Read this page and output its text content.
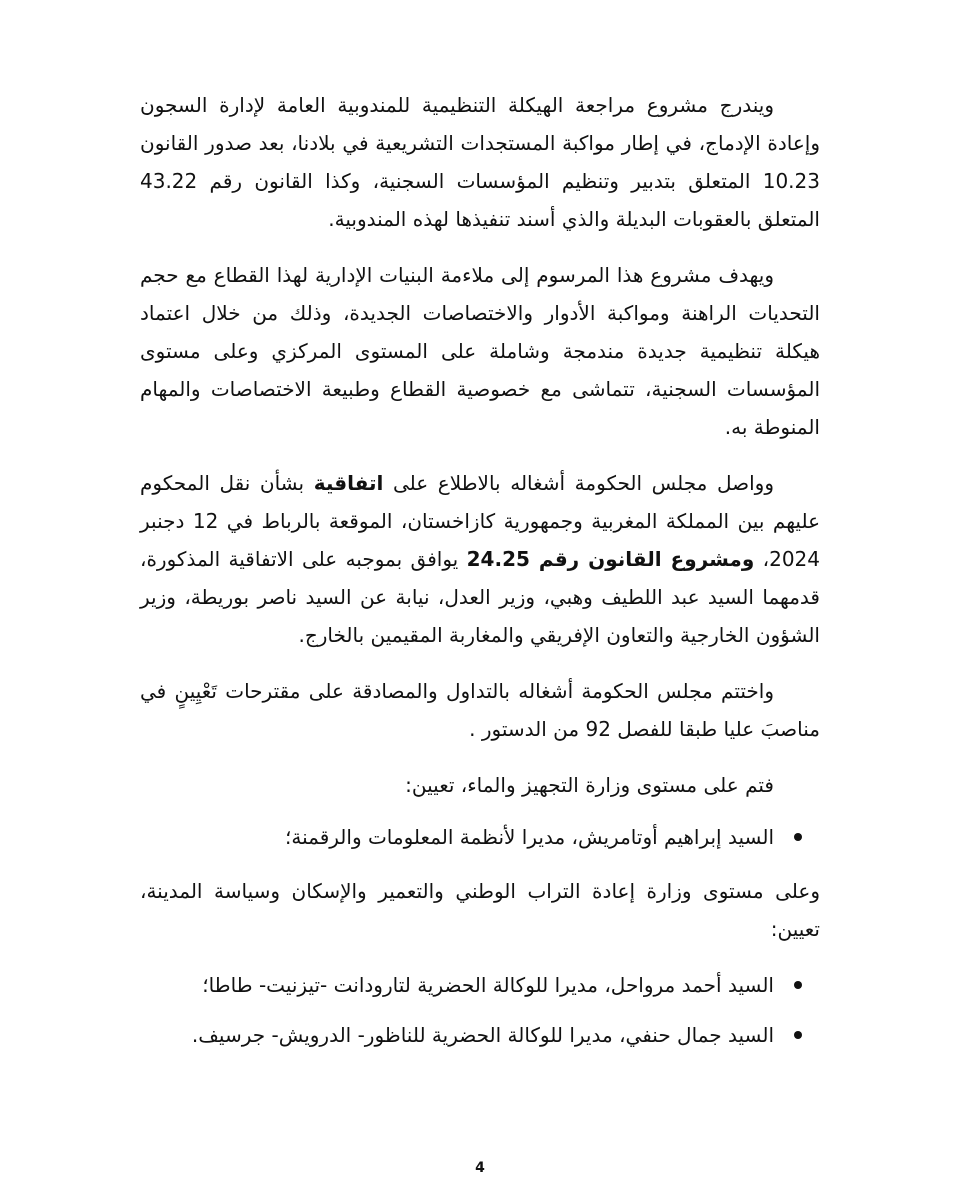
ويندرج مشروع مراجعة الهيكلة التنظيمية للمندوبية العامة لإدارة السجون وإعادة الإدماج، في إطار مواكبة المستجدات التشريعية في بلادنا، بعد صدور القانون 10.23 المتعلق بتدبير وتنظيم المؤسسات السجنية، وكذا القانون رقم 43.22 المتعلق بالعقوبات البديلة والذي أسند تنفيذها لهذه المندوبية.

ويهدف مشروع هذا المرسوم إلى ملاءمة البنيات الإدارية لهذا القطاع مع حجم التحديات الراهنة ومواكبة الأدوار والاختصاصات الجديدة، وذلك من خلال اعتماد هيكلة تنظيمية جديدة مندمجة وشاملة على المستوى المركزي وعلى مستوى المؤسسات السجنية، تتماشى مع خصوصية القطاع وطبيعة الاختصاصات والمهام المنوطة به.

وواصل مجلس الحكومة أشغاله بالاطلاع على اتفاقية بشأن نقل المحكوم عليهم بين المملكة المغربية وجمهورية كازاخستان، الموقعة بالرباط في 12 دجنبر 2024، ومشروع القانون رقم 24.25 يوافق بموجبه على الاتفاقية المذكورة، قدمهما السيد عبد اللطيف وهبي، وزير العدل، نيابة عن السيد ناصر بوريطة، وزير الشؤون الخارجية والتعاون الإفريقي والمغاربة المقيمين بالخارج.

واختتم مجلس الحكومة أشغاله بالتداول والمصادقة على مقترحات تَعْيِينٍ في مناصبَ عليا طبقا للفصل 92 من الدستور .

فتم على مستوى وزارة التجهيز والماء، تعيين:

السيد إبراهيم أوتامريش، مديرا لأنظمة المعلومات والرقمنة؛

وعلى مستوى وزارة إعادة التراب الوطني والتعمير والإسكان وسياسة المدينة، تعيين:

السيد أحمد مرواحل، مديرا للوكالة الحضرية لتارودانت -تيزنيت- طاطا؛
السيد جمال حنفي، مديرا للوكالة الحضرية للناظور- الدرويش- جرسيف.
4
